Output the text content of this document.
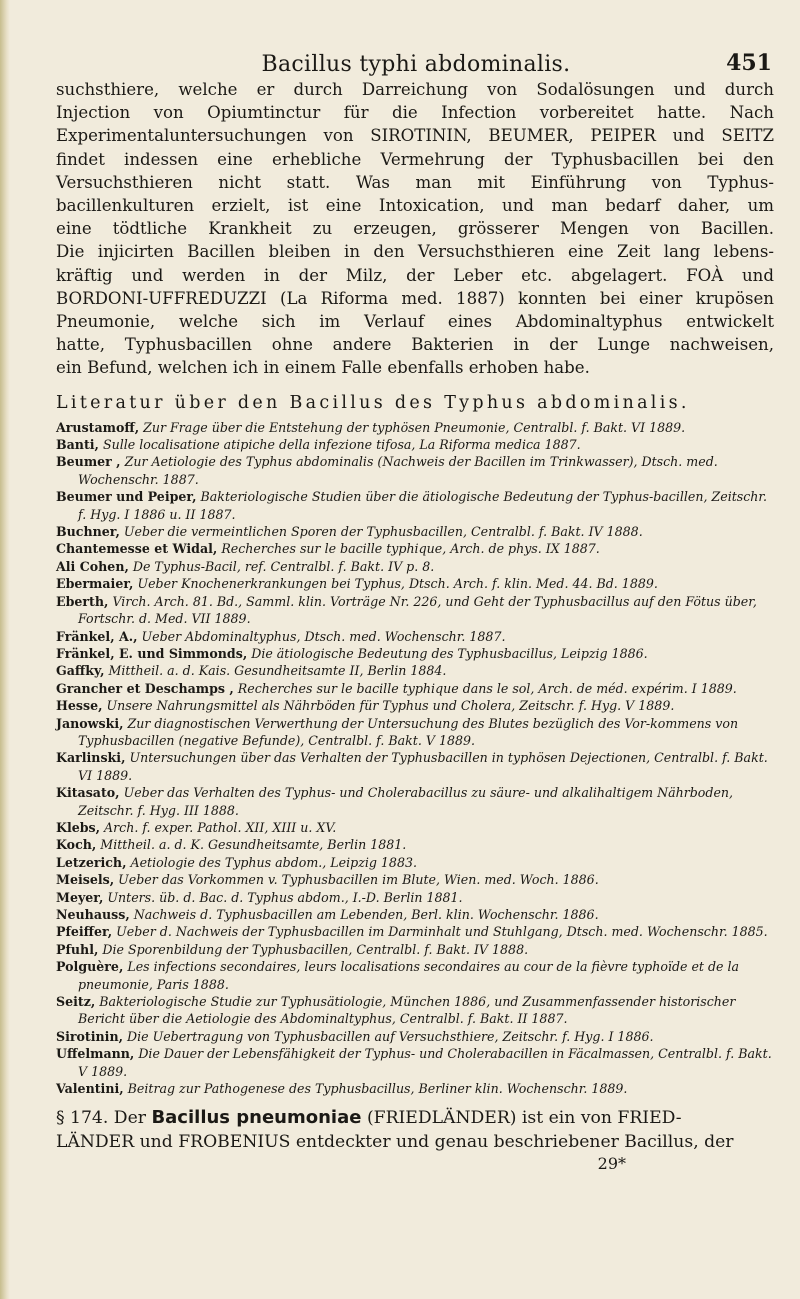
Bacillus typhi abdominalis.	451

suchsthiere, welche er durch Darreichung von Sodalösungen und durch

Injection von Opiumtinctur für die Infection vorbereitet hatte. Nach

Experimentaluntersuchungen von SIROTININ, BEUMER, PEIPER und SEITZ

findet indessen eine erhebliche Vermehrung der Typhusbacillen bei den

Versuchsthieren nicht statt. Was man mit Einführung von Typhus-

bacillenkulturen erzielt, ist eine Intoxication, und man bedarf daher, um

eine tödtliche Krankheit zu erzeugen, grösserer Mengen von Bacillen.

Die injicirten Bacillen bleiben in den Versuchsthieren eine Zeit lang lebens-

kräftig und werden in der Milz, der Leber etc. abgelagert. FOÀ und

BORDONI-UFFREDUZZI (La Riforma med. 1887) konnten bei einer krupösen

Pneumonie, welche sich im Verlauf eines Abdominaltyphus entwickelt

hatte, Typhusbacillen ohne andere Bakterien in der Lunge nachweisen,

ein Befund, welchen ich in einem Falle ebenfalls erhoben habe.

Literatur über den Bacillus des Typhus abdominalis.

Arustamoff, Zur Frage über die Entstehung der typhösen Pneumonie, Centralbl. f. Bakt. VI 1889.

Banti, Sulle localisatione atipiche della infezione tifosa, La Riforma medica 1887.

Beumer , Zur Aetiologie des Typhus abdominalis (Nachweis der Bacillen im Trinkwasser), Dtsch. med. Wochenschr. 1887.

Beumer und Peiper, Bakteriologische Studien über die ätiologische Bedeutung der Typhus-bacillen, Zeitschr. f. Hyg. I 1886 u. II 1887.

Buchner, Ueber die vermeintlichen Sporen der Typhusbacillen, Centralbl. f. Bakt. IV 1888.

Chantemesse et Widal, Recherches sur le bacille typhique, Arch. de phys. IX 1887.

Ali Cohen, De Typhus-Bacil, ref. Centralbl. f. Bakt. IV p. 8.

Ebermaier, Ueber Knochenerkrankungen bei Typhus, Dtsch. Arch. f. klin. Med. 44. Bd. 1889.

Eberth, Virch. Arch. 81. Bd., Samml. klin. Vorträge Nr. 226, und Geht der Typhusbacillus auf den Fötus über, Fortschr. d. Med. VII 1889.

Fränkel, A., Ueber Abdominaltyphus, Dtsch. med. Wochenschr. 1887.

Fränkel, E. und Simmonds, Die ätiologische Bedeutung des Typhusbacillus, Leipzig 1886.

Gaffky, Mittheil. a. d. Kais. Gesundheitsamte II, Berlin 1884.

Grancher et Deschamps , Recherches sur le bacille typhique dans le sol, Arch. de méd. expérim. I 1889.

Hesse, Unsere Nahrungsmittel als Nährböden für Typhus und Cholera, Zeitschr. f. Hyg. V 1889.

Janowski, Zur diagnostischen Verwerthung der Untersuchung des Blutes bezüglich des Vor-kommens von Typhusbacillen (negative Befunde), Centralbl. f. Bakt. V 1889.

Karlinski, Untersuchungen über das Verhalten der Typhusbacillen in typhösen Dejectionen, Centralbl. f. Bakt. VI 1889.

Kitasato, Ueber das Verhalten des Typhus- und Cholerabacillus zu säure- und alkalihaltigem Nährboden, Zeitschr. f. Hyg. III 1888.

Klebs, Arch. f. exper. Pathol. XII, XIII u. XV.

Koch, Mittheil. a. d. K. Gesundheitsamte, Berlin 1881.

Letzerich, Aetiologie des Typhus abdom., Leipzig 1883.

Meisels, Ueber das Vorkommen v. Typhusbacillen im Blute, Wien. med. Woch. 1886.

Meyer, Unters. üb. d. Bac. d. Typhus abdom., I.-D. Berlin 1881.

Neuhauss, Nachweis d. Typhusbacillen am Lebenden, Berl. klin. Wochenschr. 1886.

Pfeiffer, Ueber d. Nachweis der Typhusbacillen im Darminhalt und Stuhlgang, Dtsch. med. Wochenschr. 1885.

Pfuhl, Die Sporenbildung der Typhusbacillen, Centralbl. f. Bakt. IV 1888.

Polguère, Les infections secondaires, leurs localisations secondaires au cour de la fièvre typhoïde et de la pneumonie, Paris 1888.

Seitz, Bakteriologische Studie zur Typhusätiologie, München 1886, und Zusammenfassender historischer Bericht über die Aetiologie des Abdominaltyphus, Centralbl. f. Bakt. II 1887.

Sirotinin, Die Uebertragung von Typhusbacillen auf Versuchsthiere, Zeitschr. f. Hyg. I 1886.

Uffelmann, Die Dauer der Lebensfähigkeit der Typhus- und Cholerabacillen in Fäcalmassen, Centralbl. f. Bakt. V 1889.

Valentini, Beitrag zur Pathogenese des Typhusbacillus, Berliner klin. Wochenschr. 1889.

§ 174. Der Bacillus pneumoniae (FRIEDLÄNDER) ist ein von FRIED-
LÄNDER und FROBENIUS entdeckter und genau beschriebener Bacillus, der
29*
